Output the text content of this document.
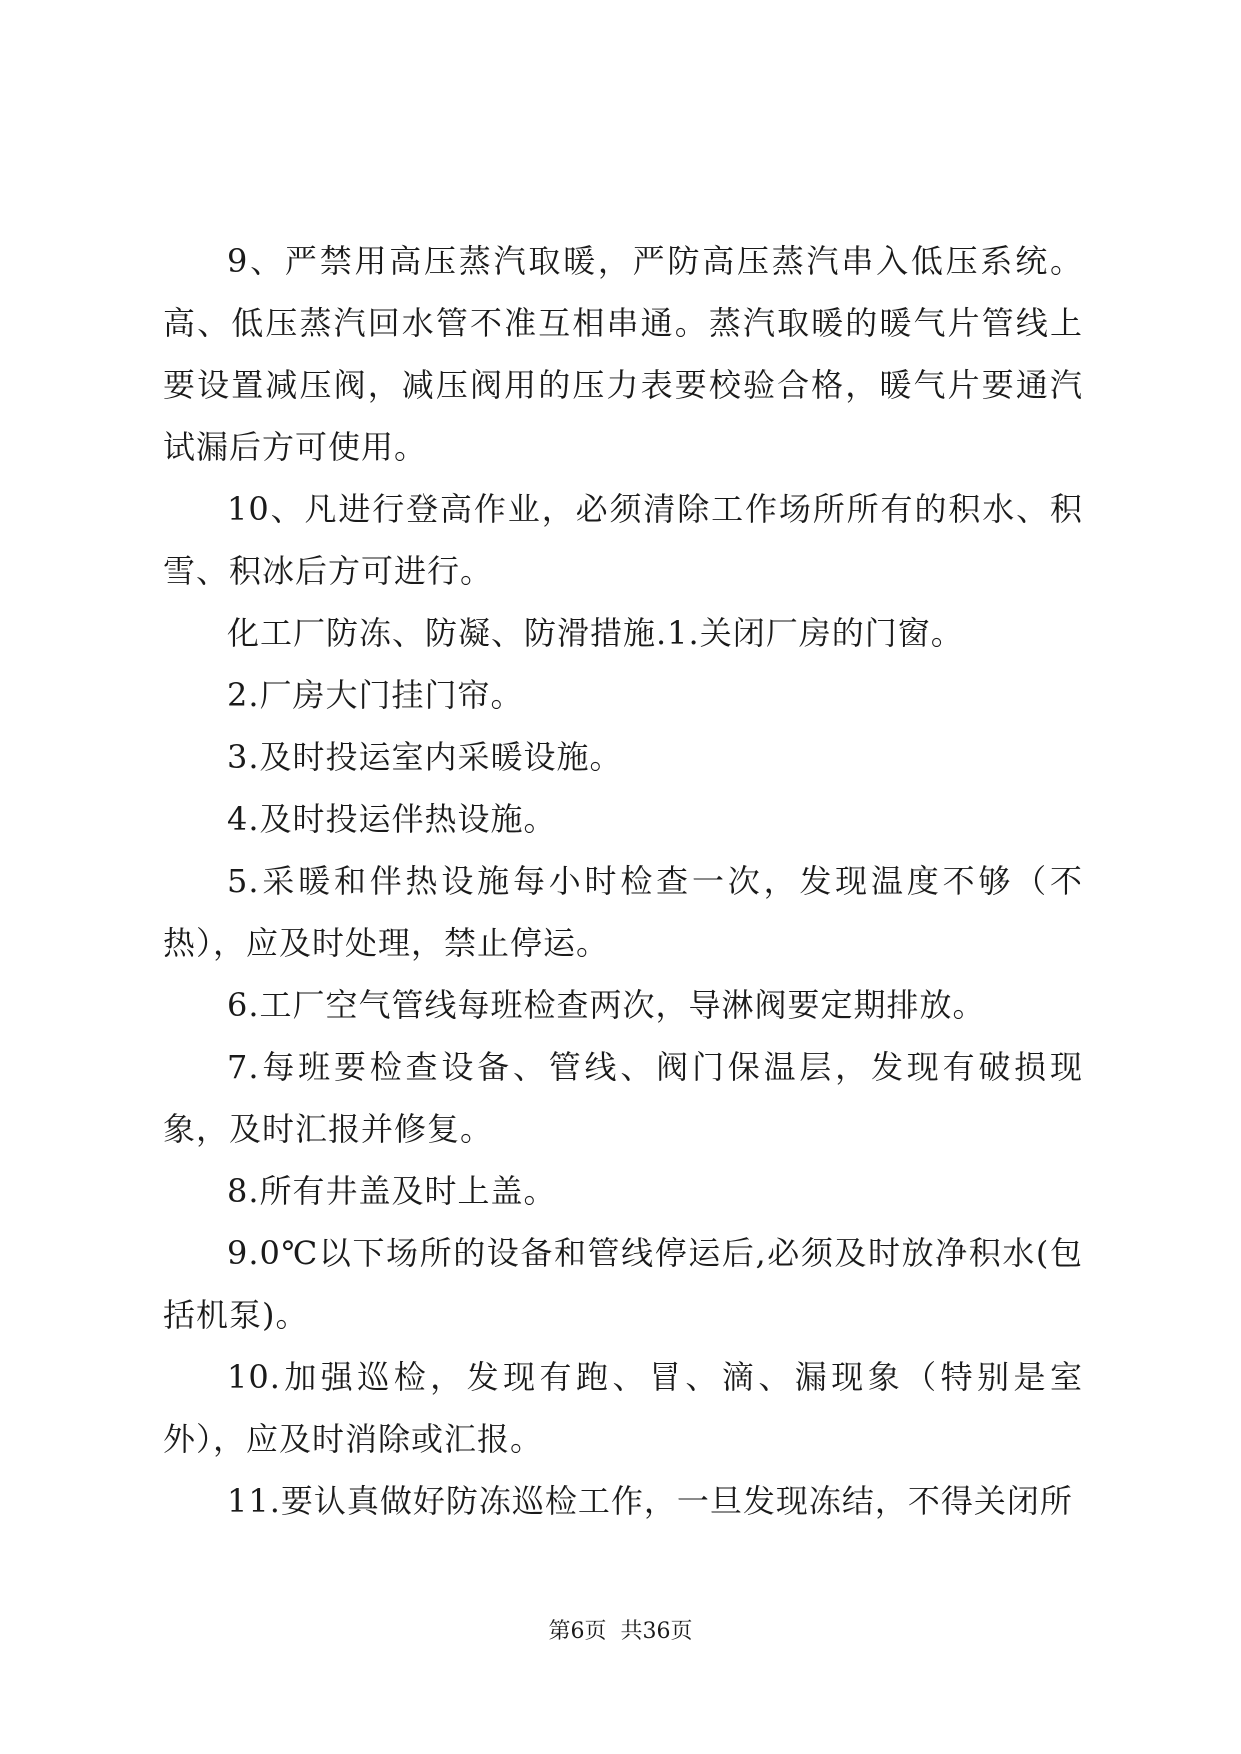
9、严禁用高压蒸汽取暖，严防高压蒸汽串入低压系统。高、低压蒸汽回水管不准互相串通。蒸汽取暖的暖气片管线上要设置减压阀，减压阀用的压力表要校验合格，暖气片要通汽试漏后方可使用。

10、凡进行登高作业，必须清除工作场所所有的积水、积雪、积冰后方可进行。

化工厂防冻、防凝、防滑措施.1.关闭厂房的门窗。

2.厂房大门挂门帘。

3.及时投运室内采暖设施。

4.及时投运伴热设施。

5.采暖和伴热设施每小时检查一次，发现温度不够（不热），应及时处理，禁止停运。

6.工厂空气管线每班检查两次，导淋阀要定期排放。

7.每班要检查设备、管线、阀门保温层，发现有破损现象，及时汇报并修复。

8.所有井盖及时上盖。

9.0℃以下场所的设备和管线停运后,必须及时放净积水(包括机泵)。

10.加强巡检，发现有跑、冒、滴、漏现象（特别是室外），应及时消除或汇报。

11.要认真做好防冻巡检工作，一旦发现冻结，不得关闭所

第6页  共36页
